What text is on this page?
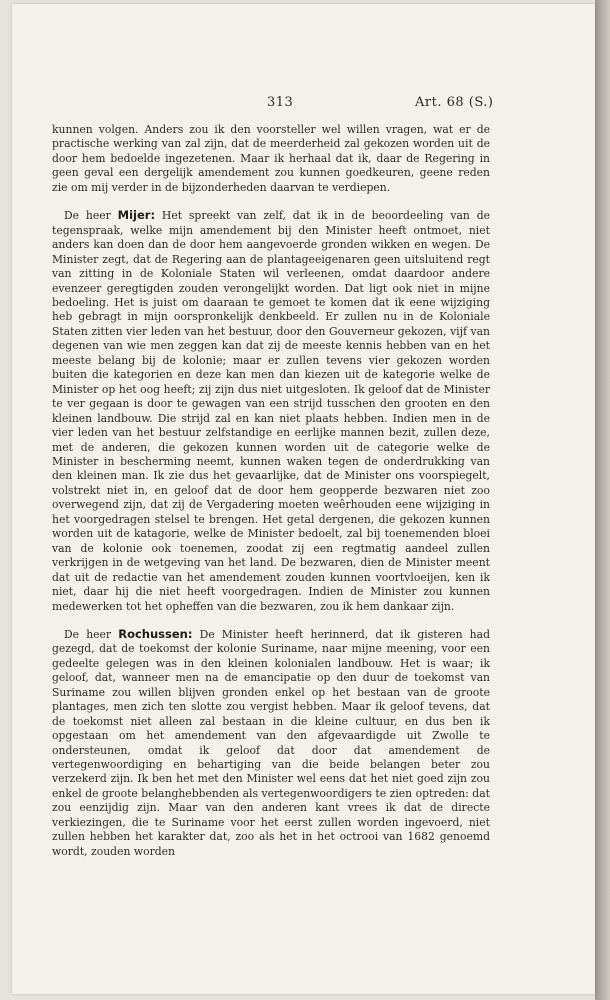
313	Art. 68 (S.)

kunnen volgen. Anders zou ik den voorsteller wel willen vragen, wat er de practische werking van zal zijn, dat de meerderheid zal gekozen worden uit de door hem bedoelde ingezetenen. Maar ik herhaal dat ik, daar de Regering in geen geval een dergelijk amendement zou kunnen goedkeuren, geene reden zie om mij verder in de bijzonderheden daarvan te verdiepen.

De heer Mijer: Het spreekt van zelf, dat ik in de beoordeeling van de tegenspraak, welke mijn amendement bij den Minister heeft ontmoet, niet anders kan doen dan de door hem aangevoerde gronden wikken en wegen. De Minister zegt, dat de Regering aan de plantageeigenaren geen uitsluitend regt van zitting in de Koloniale Staten wil verleenen, omdat daardoor andere evenzeer geregtigden zouden verongelijkt worden. Dat ligt ook niet in mijne bedoeling. Het is juist om daaraan te gemoet te komen dat ik eene wijziging heb gebragt in mijn oorspronkelijk denkbeeld. Er zullen nu in de Koloniale Staten zitten vier leden van het bestuur, door den Gouverneur gekozen, vijf van degenen van wie men zeggen kan dat zij de meeste kennis hebben van en het meeste belang bij de kolonie; maar er zullen tevens vier gekozen worden buiten die kategorien en deze kan men dan kiezen uit de kategorie welke de Minister op het oog heeft; zij zijn dus niet uitgesloten. Ik geloof dat de Minister te ver gegaan is door te gewagen van een strijd tusschen den grooten en den kleinen landbouw. Die strijd zal en kan niet plaats hebben. Indien men in de vier leden van het bestuur zelfstandige en eerlijke mannen bezit, zullen deze, met de anderen, die gekozen kunnen worden uit de categorie welke de Minister in bescherming neemt, kunnen waken tegen de onderdrukking van den kleinen man. Ik zie dus het gevaarlijke, dat de Minister ons voorspiegelt, volstrekt niet in, en geloof dat de door hem geopperde bezwaren niet zoo overwegend zijn, dat zij de Vergadering moeten weêrhouden eene wijziging in het voorgedragen stelsel te brengen. Het getal dergenen, die gekozen kunnen worden uit de katagorie, welke de Minister bedoelt, zal bij toenemenden bloei van de kolonie ook toenemen, zoodat zij een regtmatig aandeel zullen verkrijgen in de wetgeving van het land. De bezwaren, dien de Minister meent dat uit de redactie van het amendement zouden kunnen voortvloeijen, ken ik niet, daar hij die niet heeft voorgedragen. Indien de Minister zou kunnen medewerken tot het opheffen van die bezwaren, zou ik hem dankaar zijn.

De heer Rochussen: De Minister heeft herinnerd, dat ik gisteren had gezegd, dat de toekomst der kolonie Suriname, naar mijne meening, voor een gedeelte gelegen was in den kleinen kolonialen landbouw. Het is waar; ik geloof, dat, wanneer men na de emancipatie op den duur de toekomst van Suriname zou willen blijven gronden enkel op het bestaan van de groote plantages, men zich ten slotte zou vergist hebben. Maar ik geloof tevens, dat de toekomst niet alleen zal bestaan in die kleine cultuur, en dus ben ik opgestaan om het amendement van den afgevaardigde uit Zwolle te ondersteunen, omdat ik geloof dat door dat amendement de vertegenwoordiging en behartiging van die beide belangen beter zou verzekerd zijn. Ik ben het met den Minister wel eens dat het niet goed zijn zou enkel de groote belanghebbenden als vertegenwoordigers te zien optreden: dat zou eenzijdig zijn. Maar van den anderen kant vrees ik dat de directe verkiezingen, die te Suriname voor het eerst zullen worden ingevoerd, niet zullen hebben het karakter dat, zoo als het in het octrooi van 1682 genoemd wordt, zouden worden
